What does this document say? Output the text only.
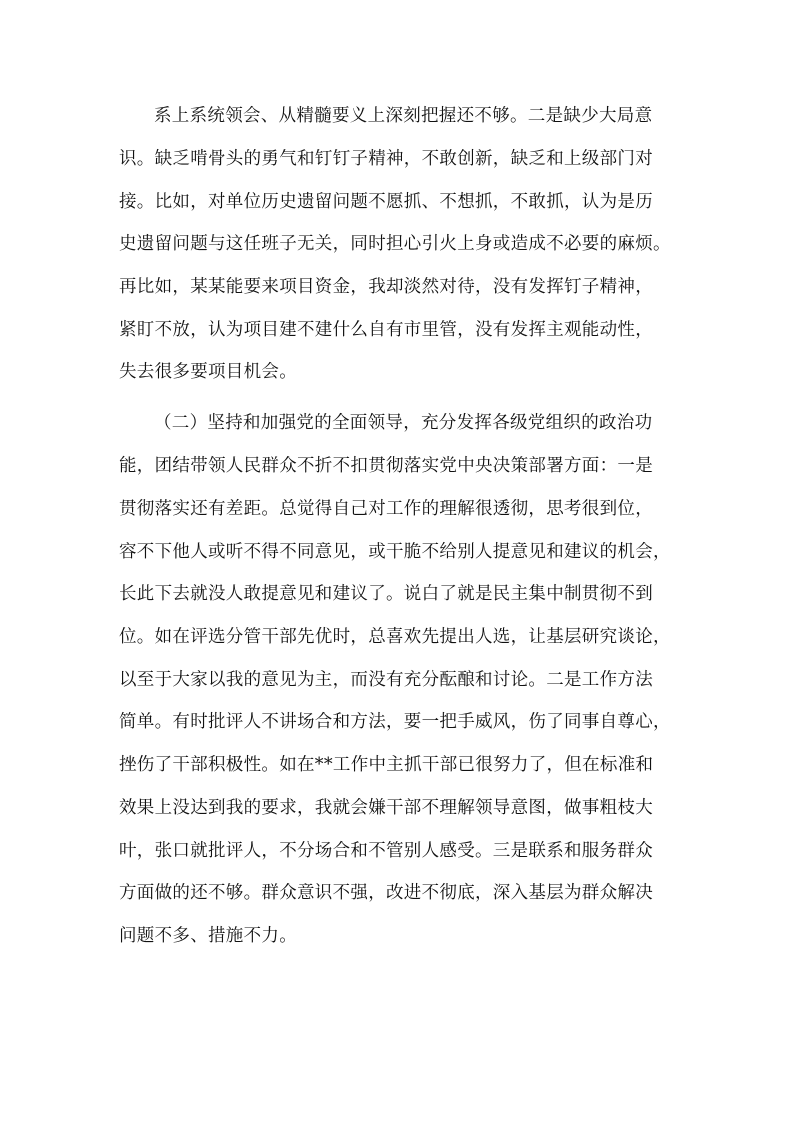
系上系统领会、从精髓要义上深刻把握还不够。二是缺少大局意
识。缺乏啃骨头的勇气和钉钉子精神，不敢创新，缺乏和上级部门对
接。比如，对单位历史遗留问题不愿抓、不想抓，不敢抓，认为是历
史遗留问题与这任班子无关，同时担心引火上身或造成不必要的麻烦。
再比如，某某能要来项目资金，我却淡然对待，没有发挥钉子精神，
紧盯不放，认为项目建不建什么自有市里管，没有发挥主观能动性，
失去很多要项目机会。
（二）坚持和加强党的全面领导，充分发挥各级党组织的政治功
能，团结带领人民群众不折不扣贯彻落实党中央决策部署方面：一是
贯彻落实还有差距。总觉得自己对工作的理解很透彻，思考很到位，
容不下他人或听不得不同意见，或干脆不给别人提意见和建议的机会，
长此下去就没人敢提意见和建议了。说白了就是民主集中制贯彻不到
位。如在评选分管干部先优时，总喜欢先提出人选，让基层研究谈论，
以至于大家以我的意见为主，而没有充分酝酿和讨论。二是工作方法
简单。有时批评人不讲场合和方法，要一把手威风，伤了同事自尊心，
挫伤了干部积极性。如在**工作中主抓干部已很努力了，但在标准和
效果上没达到我的要求，我就会嫌干部不理解领导意图，做事粗枝大
叶，张口就批评人，不分场合和不管别人感受。三是联系和服务群众
方面做的还不够。群众意识不强，改进不彻底，深入基层为群众解决
问题不多、措施不力。
